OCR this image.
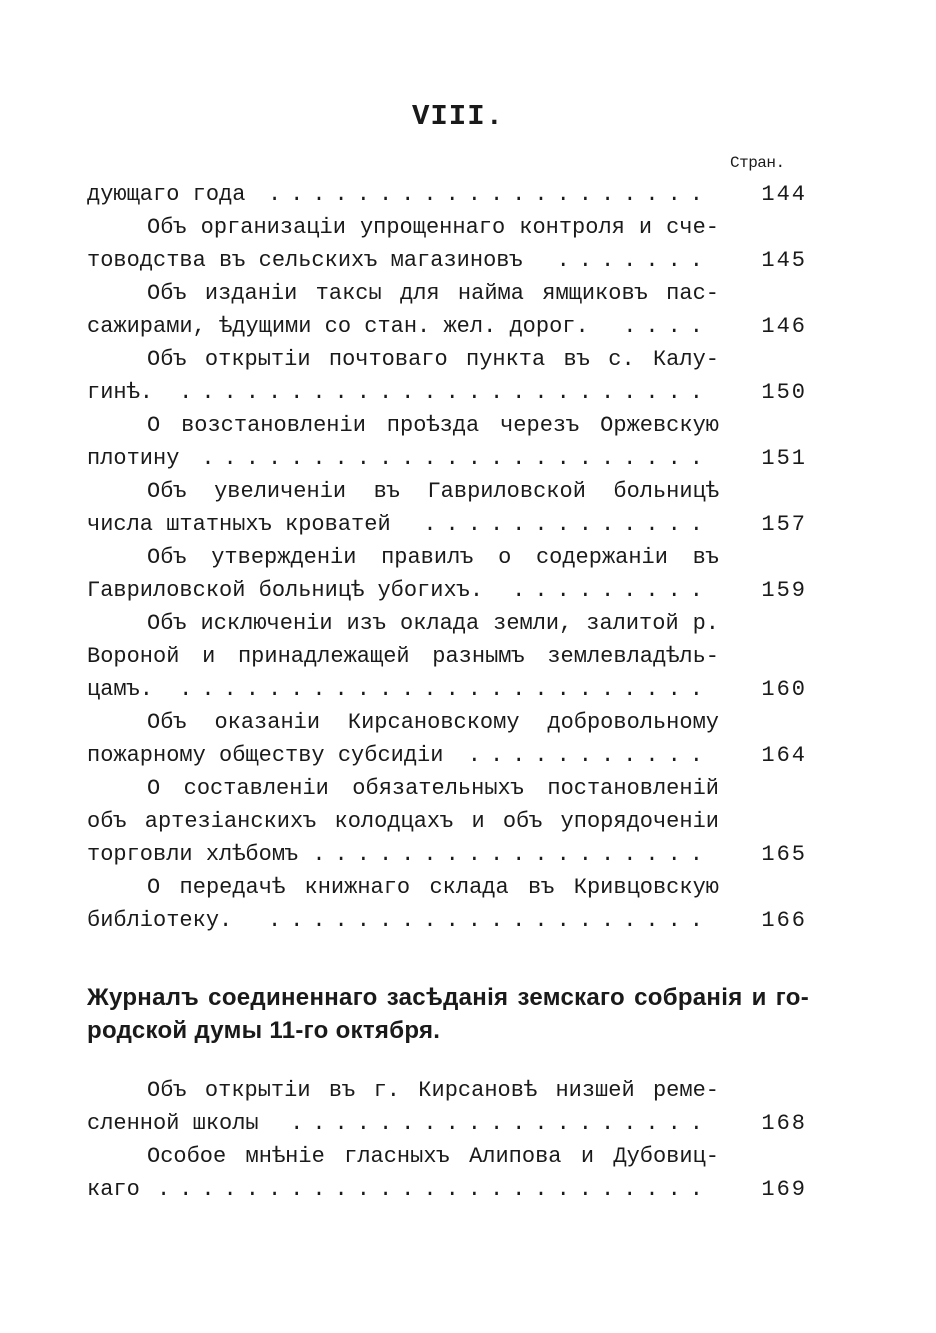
VIII.
Стран.
дующаго года	.................... 144
Объ организаціи упрощеннаго контроля и сче-
товодства въ сельскихъ магазиновъ	....... 145
Объ изданіи таксы для найма ямщиковъ пас-
сажирами, ѣдущими со стан. жел. дорог.	.... 146
Объ открытіи почтоваго пункта въ с. Калу-
гинѣ.	........................ 150
О возстановленіи проѣзда черезъ Оржевскую
плотину ....................... 151
Объ увеличеніи въ Гавриловской больницѣ
числа штатныхъ кроватей	............. 157
Объ утвержденіи правилъ о содержаніи въ
Гавриловской больницѣ убогихъ.	......... 159
Объ исключеніи изъ оклада земли, залитой р.
Вороной и принадлежащей разнымъ землевладѣль-
цамъ.	........................ 160
Объ оказаніи Кирсановскому добровольному
пожарному обществу субсидіи	........... 164
О составленіи обязательныхъ постановленій
объ артезіанскихъ колодцахъ и объ упорядоченіи
торговли хлѣбомъ .................. 165
О передачѣ книжнаго склада въ Кривцовскую
библіотеку.	.................... 166
Журналъ соединеннаго засѣданія земскаго собранія и го-
родской думы 11-го октября.
Объ открытіи въ г. Кирсановѣ низшей ремe-
сленной школы	................... 168
Особое мнѣніе гласныхъ Алипова и Дубовиц-
каго ......................... 169
